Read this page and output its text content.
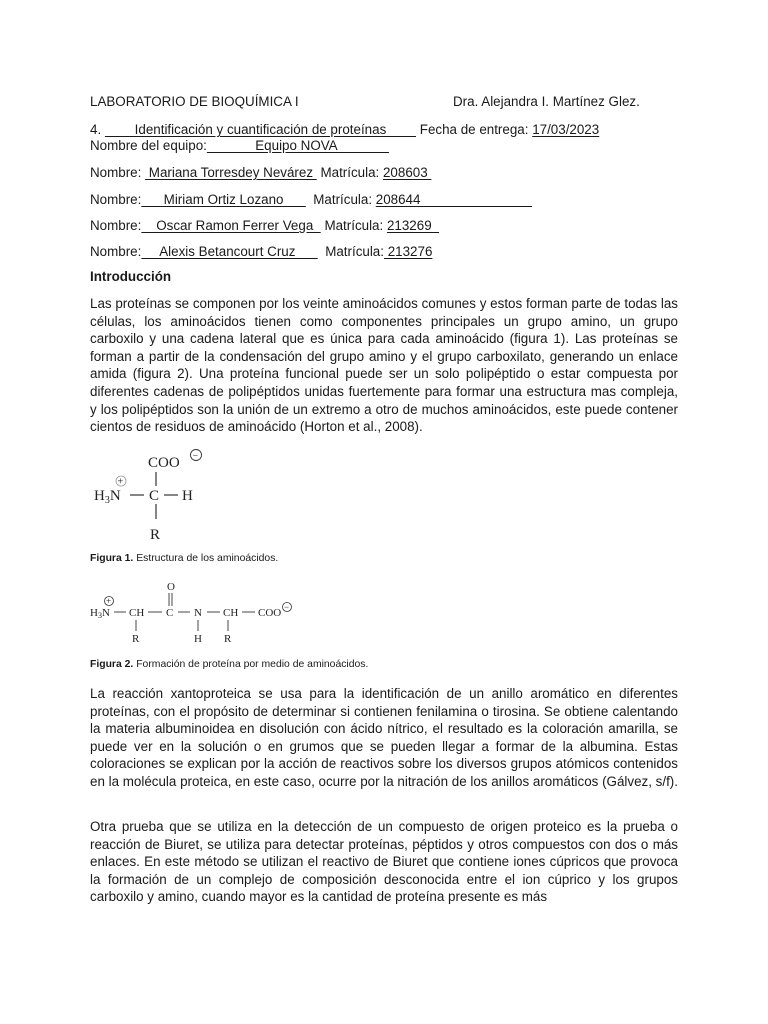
LABORATORIO DE BIOQUÍMICA I	Dra. Alejandra I. Martínez Glez.
4.         Identificación y cuantificación de proteínas         Fecha de entrega: 17/03/2023
Nombre del equipo:             Equipo NOVA
Nombre:  Mariana Torresdey Nevárez  Matrícula: 208603
Nombre:      Miriam Ortiz Lozano        Matrícula: 208644
Nombre:    Oscar Ramon Ferrer Vega   Matrícula: 213269
Nombre:     Alexis Betancourt Cruz        Matrícula: 213276
Introducción

Las proteínas se componen por los veinte aminoácidos comunes y estos forman parte de todas las células, los aminoácidos tienen como componentes principales un grupo amino, un grupo carboxilo y una cadena lateral que es única para cada aminoácido (figura 1). Las proteínas se forman a partir de la condensación del grupo amino y el grupo carboxilato, generando un enlace amida (figura 2). Una proteína funcional puede ser un solo polipéptido o estar compuesta por diferentes cadenas de polipéptidos unidas fuertemente para formar una estructura mas compleja, y los polipéptidos son la unión de un extremo a otro de muchos aminoácidos, este puede contener cientos de residuos de aminoácido (Horton et al., 2008).

COO −
+
$H_3N$ C H
R
Figura 1. Estructura de los aminoácidos.
O
+
H3N CH C N CH COO −
R	H R
Figura 2. Formación de proteína por medio de aminoácidos.

La reacción xantoproteica se usa para la identificación de un anillo aromático en diferentes proteínas, con el propósito de determinar si contienen fenilamina o tirosina. Se obtiene calentando la materia albuminoidea en disolución con ácido nítrico, el resultado es la coloración amarilla, se puede ver en la solución o en grumos que se pueden llegar a formar de la albumina. Estas coloraciones se explican por la acción de reactivos sobre los diversos grupos atómicos contenidos en la molécula proteica, en este caso, ocurre por la nitración de los anillos aromáticos (Gálvez, s/f).

Otra prueba que se utiliza en la detección de un compuesto de origen proteico es la prueba o reacción de Biuret, se utiliza para detectar proteínas, péptidos y otros compuestos con dos o más enlaces. En este método se utilizan el reactivo de Biuret que contiene iones cúpricos que provoca la formación de un complejo de composición desconocida entre el ion cúprico y los grupos carboxilo y amino, cuando mayor es la cantidad de proteína presente es más
